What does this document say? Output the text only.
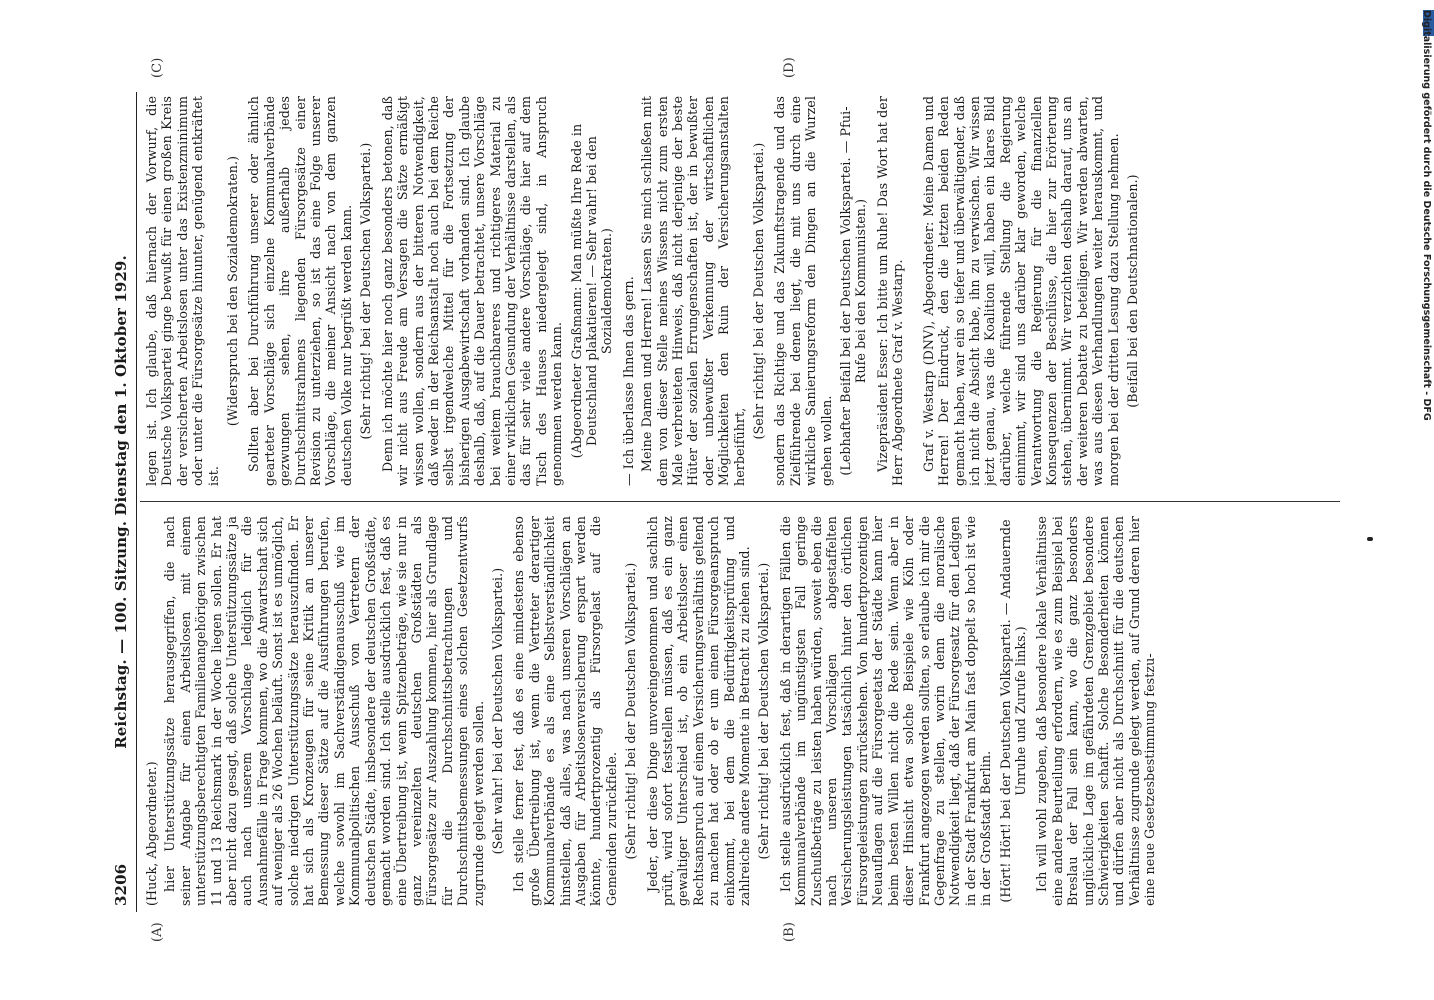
3206
Reichstag. — 100. Sitzung. Dienstag den 1. Oktober 1929.
(A)	(B)
(C)	(D)

(Huck, Abgeordneter.) hier Unterstützungssätze herausgegriffen, die nach seiner Angabe für einen Arbeitslosen mit einem unterstützungsberechtigten Familienangehörigen zwischen 11 und 13 Reichsmark in der Woche liegen sollen. Er hat aber nicht dazu gesagt, daß solche Unterstützungssätze ja auch nach unserem Vorschlage lediglich für die Ausnahmefälle in Frage kommen, wo die Anwartschaft sich auf weniger als 26 Wochen beläuft. Sonst ist es unmöglich, solche niedrigen Unterstützungssätze herauszufinden. Er hat sich als Kronzeugen für seine Kritik an unserer Bemessung dieser Sätze auf die Ausführungen berufen, welche sowohl im Sachverständigenausschuß wie im Kommunalpolitischen Ausschuß von Vertretern der deutschen Städte, insbesondere der deutschen Großstädte, gemacht worden sind. Ich stelle ausdrücklich fest, daß es eine Übertreibung ist, wenn Spitzenbeträge, wie sie nur in ganz vereinzelten deutschen Großstädten als Fürsorgesätze zur Auszahlung kommen, hier als Grundlage für die Durchschnittsbetrachtungen und Durchschnittsbemessungen eines solchen Gesetzentwurfs zugrunde gelegt werden sollen. (Sehr wahr! bei der Deutschen Volkspartei.) Ich stelle ferner fest, daß es eine mindestens ebenso große Übertreibung ist, wenn die Vertreter derartiger Kommunalverbände es als eine Selbstverständlichkeit hinstellen, daß alles, was nach unseren Vorschlägen an Ausgaben für Arbeitslosenversicherung erspart werden könnte, hundertprozentig als Fürsorgelast auf die Gemeinden zurückfiele. (Sehr richtig! bei der Deutschen Volkspartei.) Jeder, der diese Dinge unvoreingenommen und sachlich prüft, wird sofort feststellen müssen, daß es ein ganz gewaltiger Unterschied ist, ob ein Arbeitsloser einen Rechtsanspruch auf einem Versicherungsverhältnis geltend zu machen hat oder ob er um einen Fürsorgeanspruch einkommt, bei dem die Bedürftigkeitsprüfung und zahlreiche andere Momente in Betracht zu ziehen sind. (Sehr richtig! bei der Deutschen Volkspartei.) Ich stelle ausdrücklich fest, daß in derartigen Fällen die Kommunalverbände im ungünstigsten Fall geringe Zuschußbeträge zu leisten haben würden, soweit eben die nach unseren Vorschlägen abgestaffelten Versicherungsleistungen tatsächlich hinter den örtlichen Fürsorgeleistungen zurückstehen. Von hundertprozentigen Neuauflagen auf die Fürsorgeetats der Städte kann hier beim besten Willen nicht die Rede sein. Wenn aber in dieser Hinsicht etwa solche Beispiele wie Köln oder Frankfurt angezogen werden sollten, so erlaube ich mir die Gegenfrage zu stellen, worin denn die moralische Notwendigkeit liegt, daß der Fürsorgesatz für den Ledigen in der Stadt Frankfurt am Main fast doppelt so hoch ist wie in der Großstadt Berlin. (Hört! Hört! bei der Deutschen Volkspartei. — Andauernde Unruhe und Zurufe links.) Ich will wohl zugeben, daß besondere lokale Verhältnisse eine andere Beurteilung erfordern, wie es zum Beispiel bei Breslau der Fall sein kann, wo die ganz besonders unglückliche Lage im gefährdeten Grenzgebiet besondere Schwierigkeiten schafft. Solche Besonderheiten können und dürfen aber nicht als Durchschnitt für die deutschen Verhältnisse zugrunde gelegt werden, auf Grund deren hier eine neue Gesetzesbestimmung festzu-

legen ist. Ich glaube, daß hiernach der Vorwurf, die Deutsche Volkspartei ginge bewußt für einen großen Kreis der versicherten Arbeitslosen unter das Existenzminimum oder unter die Fürsorgesätze hinunter, genügend entkräftet ist.

(Widerspruch bei den Sozialdemokraten.) Sollten aber bei Durchführung unserer oder ähnlich gearteter Vorschläge sich einzelne Kommunalverbände gezwungen sehen, ihre außerhalb jedes Durchschnittsrahmens liegenden Fürsorgesätze einer Revision zu unterziehen, so ist das eine Folge unserer Vorschläge, die meiner Ansicht nach von dem ganzen deutschen Volke nur begrüßt werden kann. (Sehr richtig! bei der Deutschen Volkspartei.) Denn ich möchte hier noch ganz besonders betonen, daß wir nicht aus Freude am Versagen die Sätze ermäßigt wissen wollen, sondern aus der bitteren Notwendigkeit, daß weder in der Reichsanstalt noch auch bei dem Reiche selbst irgendwelche Mittel für die Fortsetzung der bisherigen Ausgabewirtschaft vorhanden sind. Ich glaube deshalb, daß, auf die Dauer betrachtet, unsere Vorschläge bei weitem brauchbareres und richtigeres Material zu einer wirklichen Gesundung der Verhältnisse darstellen, als das für sehr viele andere Vorschläge, die hier auf dem Tisch des Hauses niedergelegt sind, in Anspruch genommen werden kann. (Abgeordneter Graßmann: Man müßte Ihre Rede in Deutschland plakatieren! — Sehr wahr! bei den Sozialdemokraten.) — Ich überlasse Ihnen das gern. Meine Damen und Herren! Lassen Sie mich schließen mit dem von dieser Stelle meines Wissens nicht zum ersten Male verbreiteten Hinweis, daß nicht derjenige der beste Hüter der sozialen Errungenschaften ist, der in bewußter oder unbewußter Verkennung der wirtschaftlichen Möglichkeiten den Ruin der Versicherungsanstalten herbeiführt,

(Sehr richtig! bei der Deutschen Volkspartei.) sondern das Richtige und das Zukunftstragende und das Zielführende bei denen liegt, die mit uns durch eine wirkliche Sanierungsreform den Dingen an die Wurzel gehen wollen. (Lebhafter Beifall bei der Deutschen Volkspartei. — Pfui-Rufe bei den Kommunisten.) Vizepräsident Esser: Ich bitte um Ruhe! Das Wort hat der Herr Abgeordnete Graf v. Westarp. Graf v. Westarp (DNV), Abgeordneter: Meine Damen und Herren! Der Eindruck, den die letzten beiden Reden gemacht haben, war ein so tiefer und überwältigender, daß ich nicht die Absicht habe, ihn zu verwischen. Wir wissen jetzt genau, was die Koalition will, haben ein klares Bild darüber, welche führende Stellung die Regierung einnimmt, wir sind uns darüber klar geworden, welche Verantwortung die Regierung für die finanziellen Konsequenzen der Beschlüsse, die hier zur Erörterung stehen, übernimmt. Wir verzichten deshalb darauf, uns an der weiteren Debatte zu beteiligen. Wir werden abwarten, was aus diesen Verhandlungen weiter herauskommt, und morgen bei der dritten Lesung dazu Stellung nehmen. (Beifall bei den Deutschnationalen.)	Digitalisierung gefördert durch die Deutsche Forschungsgemeinschaft - DFG
